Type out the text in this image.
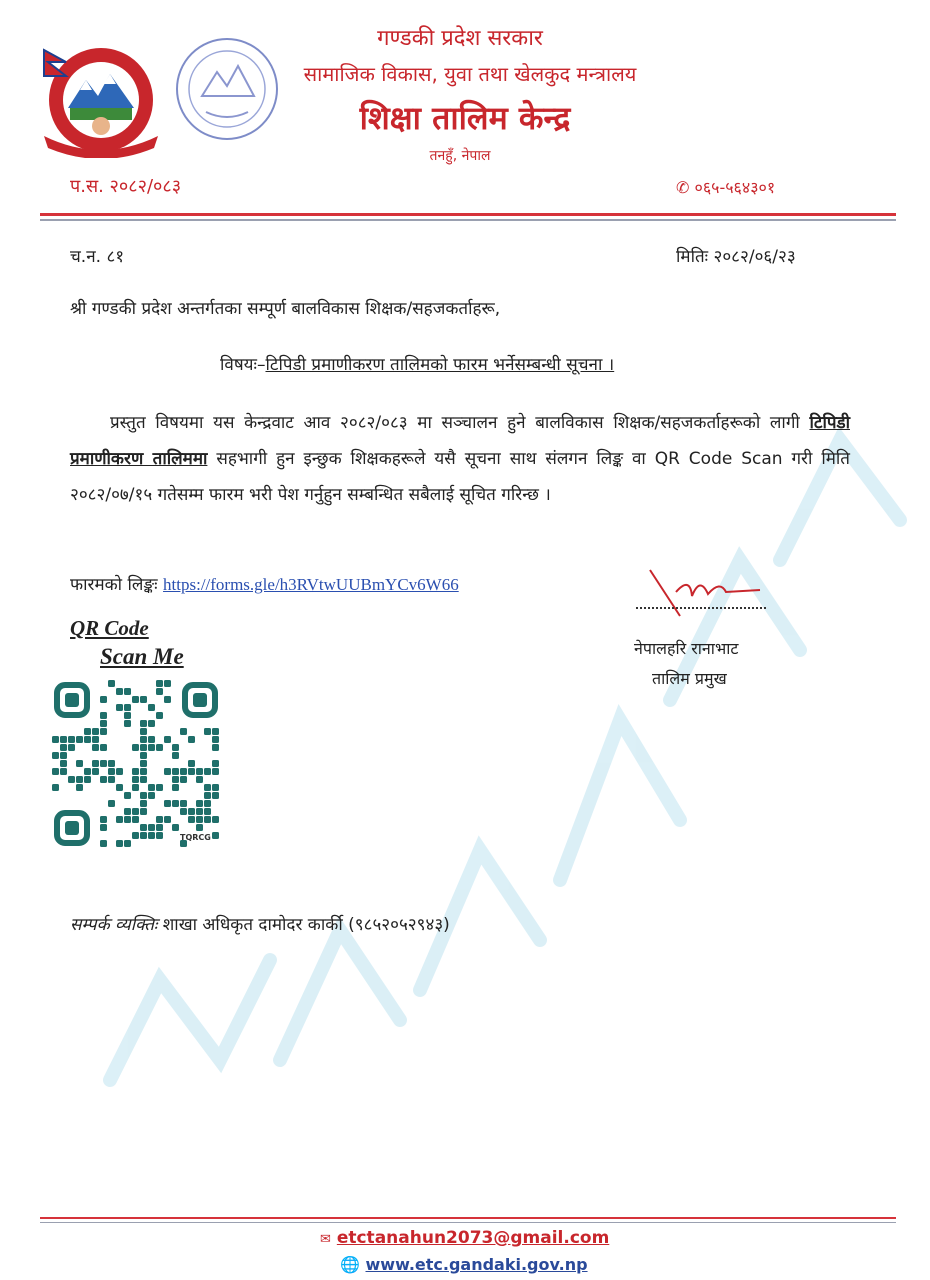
गण्डकी प्रदेश सरकार
सामाजिक विकास, युवा तथा खेलकुद मन्त्रालय
शिक्षा तालिम केन्द्र
तनहुँ, नेपाल
प.स. २०८२/०८३	✆ ०६५-५६४३०१
च.न. ८१	मितिः २०८२/०६/२३
श्री गण्डकी प्रदेश अन्तर्गतका सम्पूर्ण बालविकास शिक्षक/सहजकर्ताहरू,
विषयः–टिपिडी प्रमाणीकरण तालिमको फारम भर्नेसम्बन्धी सूचना ।
प्रस्तुत विषयमा यस केन्द्रवाट आव २०८२/०८३ मा सञ्चालन हुने बालविकास शिक्षक/सहजकर्ताहरूको लागी टिपिडी प्रमाणीकरण तालिममा सहभागी हुन इन्छुक शिक्षकहरूले यसै सूचना साथ संलगन लिङ्क वा QR Code Scan गरी मिति २०८२/०७/१५ गतेसम्म फारम भरी पेश गर्नुहुन सम्बन्धित सबैलाई सूचित गरिन्छ ।
फारमको लिङ्कः https://forms.gle/h3RVtwUUBmYCv6W66
QR Code
Scan Me
TQRCG
नेपालहरि रानाभाट
तालिम प्रमुख
सम्पर्क व्यक्तिः शाखा अधिकृत दामोदर कार्की (९८५२०५२९४३)
✉ etctanahun2073@gmail.com
🌐 www.etc.gandaki.gov.np
